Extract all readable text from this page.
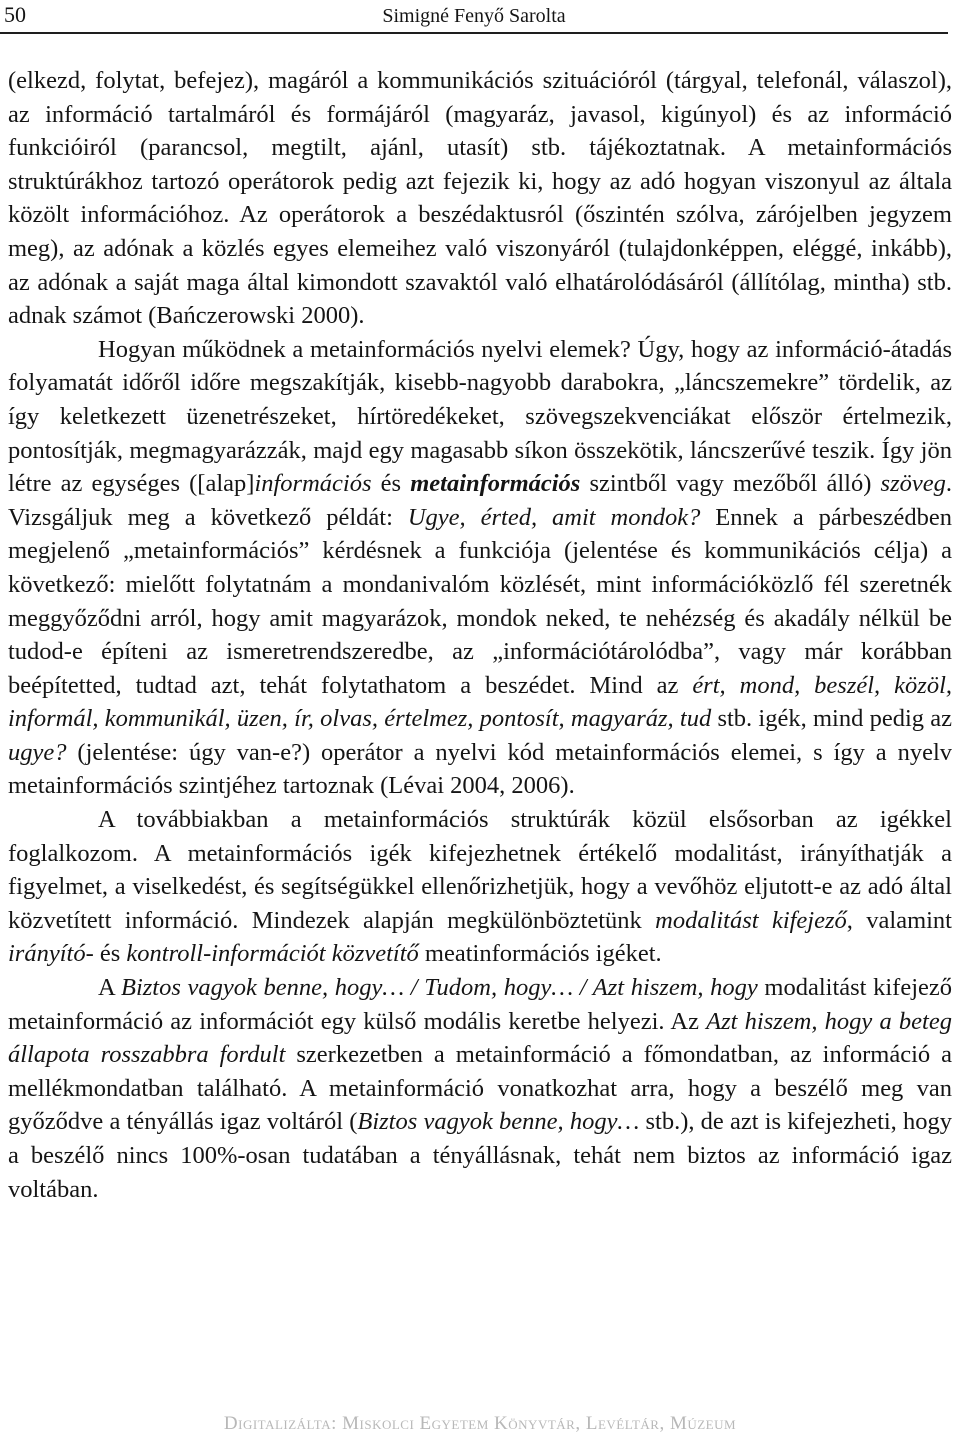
50	Simigné Fenyő Sarolta

(elkezd, folytat, befejez), magáról a kommunikációs szituációról (tárgyal, telefonál, válaszol), az információ tartalmáról és formájáról (magyaráz, javasol, kigúnyol) és az információ funkcióiról (parancsol, megtilt, ajánl, utasít) stb. tájékoztatnak. A metainformációs struktúrákhoz tartozó operátorok pedig azt fejezik ki, hogy az adó hogyan viszonyul az általa közölt információhoz. Az operátorok a beszédaktusról (őszintén szólva, zárójelben jegyzem meg), az adónak a közlés egyes elemeihez való viszonyáról (tulajdonképpen, eléggé, inkább), az adónak a saját maga által kimondott szavaktól való elhatárolódásáról (állítólag, mintha) stb. adnak számot (Bańczerowski 2000).

Hogyan működnek a metainformációs nyelvi elemek? Úgy, hogy az információ-átadás folyamatát időről időre megszakítják, kisebb-nagyobb darabokra, „láncszemekre” tördelik, az így keletkezett üzenetrészeket, hírtöredékeket, szövegszekvenciákat először értelmezik, pontosítják, megmagyarázzák, majd egy magasabb síkon összekötik, láncszerűvé teszik. Így jön létre az egységes ([alap]információs és metainformációs szintből vagy mezőből álló) szöveg. Vizsgáljuk meg a következő példát: Ugye, érted, amit mondok? Ennek a párbeszédben megjelenő „metainformációs” kérdésnek a funkciója (jelentése és kommunikációs célja) a következő: mielőtt folytatnám a mondanivalóm közlését, mint információközlő fél szeretnék meggyőződni arról, hogy amit magyarázok, mondok neked, te nehézség és akadály nélkül be tudod-e építeni az ismeretrendszeredbe, az „információtárolódba”, vagy már korábban beépítetted, tudtad azt, tehát folytathatom a beszédet. Mind az ért, mond, beszél, közöl, informál, kommunikál, üzen, ír, olvas, értelmez, pontosít, magyaráz, tud stb. igék, mind pedig az ugye? (jelentése: úgy van-e?) operátor a nyelvi kód metainformációs elemei, s így a nyelv metainformációs szintjéhez tartoznak (Lévai 2004, 2006).

A továbbiakban a metainformációs struktúrák közül elsősorban az igékkel foglalkozom. A metainformációs igék kifejezhetnek értékelő modalitást, irányíthatják a figyelmet, a viselkedést, és segítségükkel ellenőrizhetjük, hogy a vevőhöz eljutott-e az adó által közvetített információ. Mindezek alapján megkülönböztetünk modalitást kifejező, valamint irányító- és kontroll-információt közvetítő meatinformációs igéket.

A Biztos vagyok benne, hogy… / Tudom, hogy… / Azt hiszem, hogy modalitást kifejező metainformáció az információt egy külső modális keretbe helyezi. Az Azt hiszem, hogy a beteg állapota rosszabbra fordult szerkezetben a metainformáció a főmondatban, az információ a mellékmondatban található. A metainformáció vonatkozhat arra, hogy a beszélő meg van győződve a tényállás igaz voltáról (Biztos vagyok benne, hogy… stb.), de azt is kifejezheti, hogy a beszélő nincs 100%-osan tudatában a tényállásnak, tehát nem biztos az információ igaz voltában.

Digitalizálta: Miskolci Egyetem Könyvtár, Levéltár, Múzeum
